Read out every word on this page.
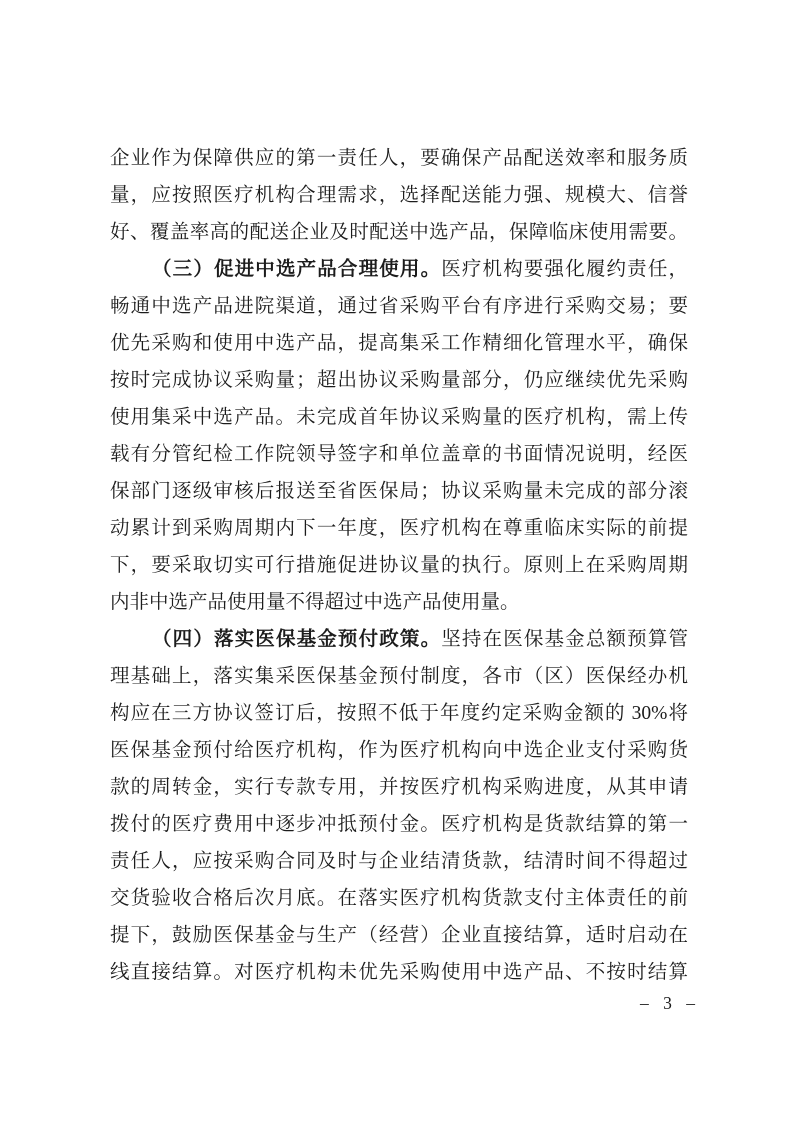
企业作为保障供应的第一责任人，要确保产品配送效率和服务质
量，应按照医疗机构合理需求，选择配送能力强、规模大、信誉
好、覆盖率高的配送企业及时配送中选产品，保障临床使用需要。
（三）促进中选产品合理使用。医疗机构要强化履约责任，
畅通中选产品进院渠道，通过省采购平台有序进行采购交易；要
优先采购和使用中选产品，提高集采工作精细化管理水平，确保
按时完成协议采购量；超出协议采购量部分，仍应继续优先采购
使用集采中选产品。未完成首年协议采购量的医疗机构，需上传
载有分管纪检工作院领导签字和单位盖章的书面情况说明，经医
保部门逐级审核后报送至省医保局；协议采购量未完成的部分滚
动累计到采购周期内下一年度，医疗机构在尊重临床实际的前提
下，要采取切实可行措施促进协议量的执行。原则上在采购周期
内非中选产品使用量不得超过中选产品使用量。
（四）落实医保基金预付政策。坚持在医保基金总额预算管
理基础上，落实集采医保基金预付制度，各市（区）医保经办机
构应在三方协议签订后，按照不低于年度约定采购金额的 30%将
医保基金预付给医疗机构，作为医疗机构向中选企业支付采购货
款的周转金，实行专款专用，并按医疗机构采购进度，从其申请
拨付的医疗费用中逐步冲抵预付金。医疗机构是货款结算的第一
责任人，应按采购合同及时与企业结清货款，结清时间不得超过
交货验收合格后次月底。在落实医疗机构货款支付主体责任的前
提下，鼓励医保基金与生产（经营）企业直接结算，适时启动在
线直接结算。对医疗机构未优先采购使用中选产品、不按时结算
– 3 –
